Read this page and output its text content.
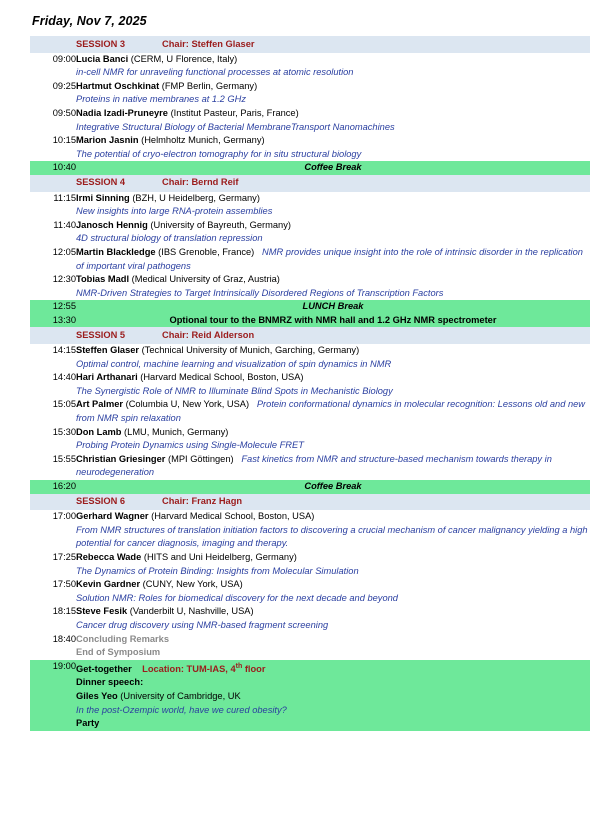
Friday, Nov 7, 2025
	SESSION 3 Chair: Steffen Glaser
09:00	Lucia Banci (CERM, U Florence, Italy)
in-cell NMR for unraveling functional processes at atomic resolution
09:25	Hartmut Oschkinat (FMP Berlin, Germany)
Proteins in native membranes at 1.2 GHz
09:50	Nadia Izadi-Pruneyre (Institut Pasteur, Paris, France)
Integrative Structural Biology of Bacterial MembraneTransport Nanomachines
10:15	Marion Jasnin (Helmholtz Munich, Germany)
The potential of cryo-electron tomography for in situ structural biology
10:40	Coffee Break

	SESSION 4 Chair: Bernd Reif
11:15	Irmi Sinning (BZH, U Heidelberg, Germany)
New insights into large RNA-protein assemblies
11:40	Janosch Hennig (University of Bayreuth, Germany)
4D structural biology of translation repression
12:05	Martin Blackledge (IBS Grenoble, France) NMR provides unique insight into the role of intrinsic disorder in the replication of important viral pathogens
12:30	Tobias Madl (Medical University of Graz, Austria)
NMR-Driven Strategies to Target Intrinsically Disordered Regions of Transcription Factors
12:55	LUNCH Break

13:30	Optional tour to the BNMRZ with NMR hall and 1.2 GHz NMR spectrometer

	SESSION 5 Chair: Reid Alderson
14:15	Steffen Glaser (Technical University of Munich, Garching, Germany)
Optimal control, machine learning and visualization of spin dynamics in NMR
14:40	Hari Arthanari (Harvard Medical School, Boston, USA)
The Synergistic Role of NMR to Illuminate Blind Spots in Mechanistic Biology
15:05	Art Palmer (Columbia U, New York, USA) Protein conformational dynamics in molecular recognition: Lessons old and new from NMR spin relaxation
15:30	Don Lamb (LMU, Munich, Germany)
Probing Protein Dynamics using Single-Molecule FRET
15:55	Christian Griesinger (MPI Göttingen) Fast kinetics from NMR and structure-based mechanism towards therapy in neurodegeneration
16:20	Coffee Break

	SESSION 6 Chair: Franz Hagn
17:00	Gerhard Wagner (Harvard Medical School, Boston, USA)
From NMR structures of translation initiation factors to discovering a crucial mechanism of cancer malignancy yielding a high potential for cancer diagnosis, imaging and therapy.
17:25	Rebecca Wade (HITS and Uni Heidelberg, Germany)
The Dynamics of Protein Binding: Insights from Molecular Simulation
17:50	Kevin Gardner (CUNY, New York, USA)
Solution NMR: Roles for biomedical discovery for the next decade and beyond
18:15	Steve Fesik (Vanderbilt U, Nashville, USA)
Cancer drug discovery using NMR-based fragment screening
18:40	Concluding Remarks
	End of Symposium
19:00	Get-together Location: TUM-IAS, 4th floor
	Dinner speech:
	Giles Yeo (University of Cambridge, UK
	In the post-Ozempic world, have we cured obesity?
	Party
